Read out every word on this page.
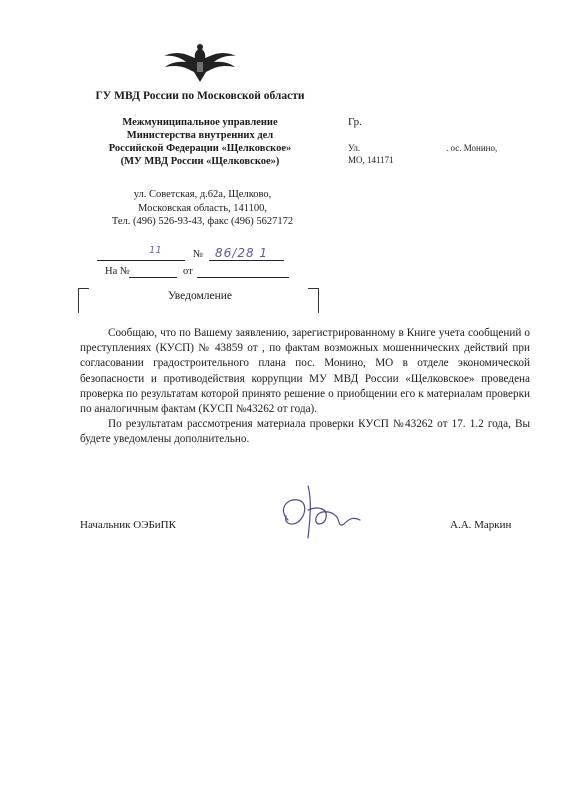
ГУ МВД России по Московской области
Межмуниципальное управление
Министерства внутренних дел
Российской Федерации «Щелковское»
(МУ МВД России «Щелковское»)
ул. Советская, д.62а, Щелково,
Московская область, 141100,
Тел. (496) 526-93-43, факс (496) 5627172
Гр.
Ул.	. ос. Монино,
МО, 141171
11	№ 86/28 1
На №	от
Уведомление

Сообщаю, что по Вашему заявлению, зарегистрированному в Книге учета сообщений о преступлениях (КУСП) № 43859 от , по фактам возможных мошеннических действий при согласовании градостроительного плана пос. Монино, МО в отделе экономической безопасности и противодействия коррупции МУ МВД России «Щелковское» проведена проверка по результатам которой принято решение о приобщении его к материалам проверки по аналогичным фактам (КУСП №43262 от года).

По результатам рассмотрения материала проверки КУСП №43262 от 17. 1.2 года, Вы будете уведомлены дополнительно.

Начальник ОЭБиПК	А.А. Маркин
